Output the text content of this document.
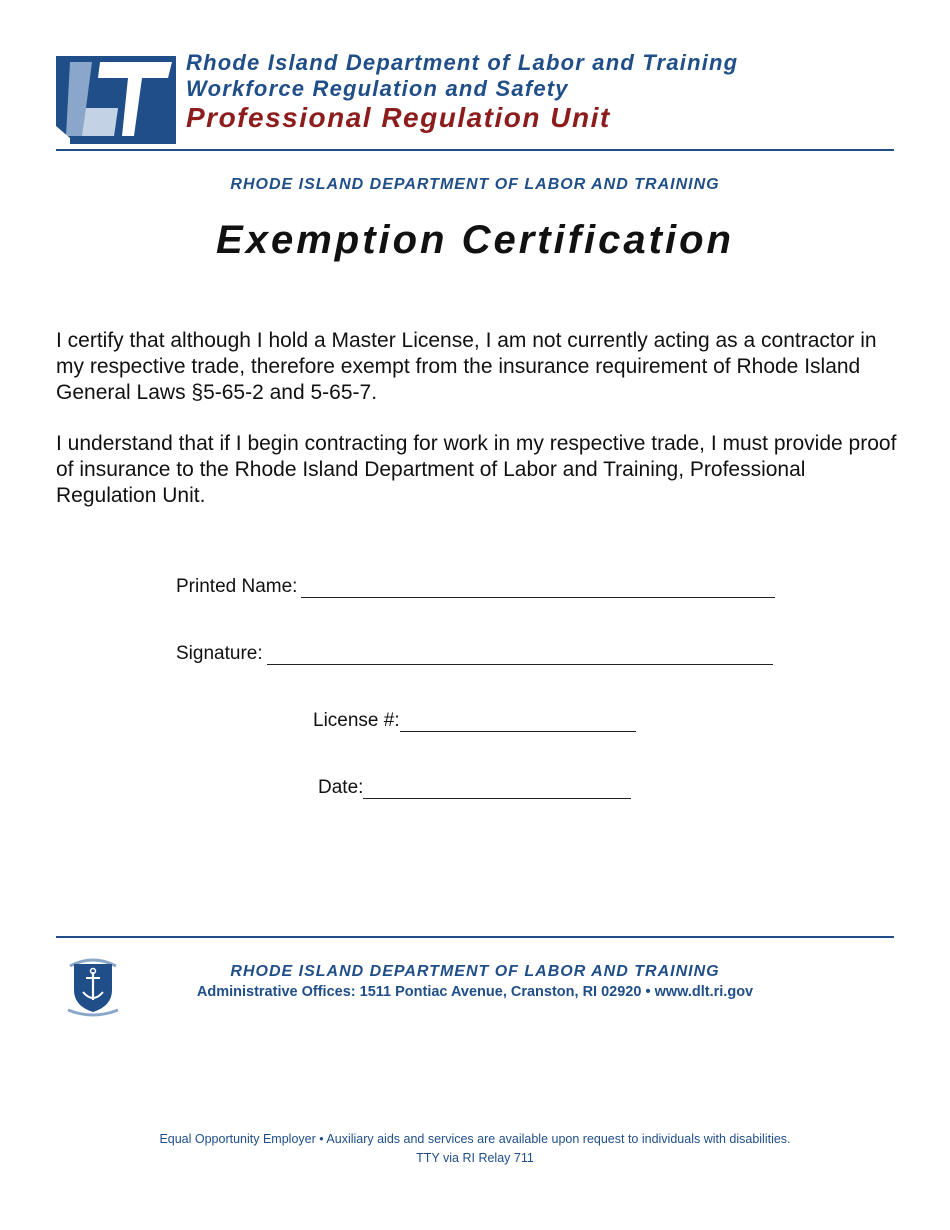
Rhode Island Department of Labor and Training
Workforce Regulation and Safety
Professional Regulation Unit
RHODE ISLAND DEPARTMENT OF LABOR AND TRAINING
Exemption Certification
I certify that although I hold a Master License, I am not currently acting as a contractor in my respective trade, therefore exempt from the insurance requirement of Rhode Island General Laws §5-65-2 and 5-65-7.
I understand that if I begin contracting for work in my respective trade, I must provide proof of insurance to the Rhode Island Department of Labor and Training, Professional Regulation Unit.
Printed Name:
Signature:
License #:
Date:
RHODE ISLAND DEPARTMENT OF LABOR AND TRAINING
Administrative Offices: 1511 Pontiac Avenue, Cranston, RI 02920 • www.dlt.ri.gov
Equal Opportunity Employer • Auxiliary aids and services are available upon request to individuals with disabilities.
TTY via RI Relay 711
